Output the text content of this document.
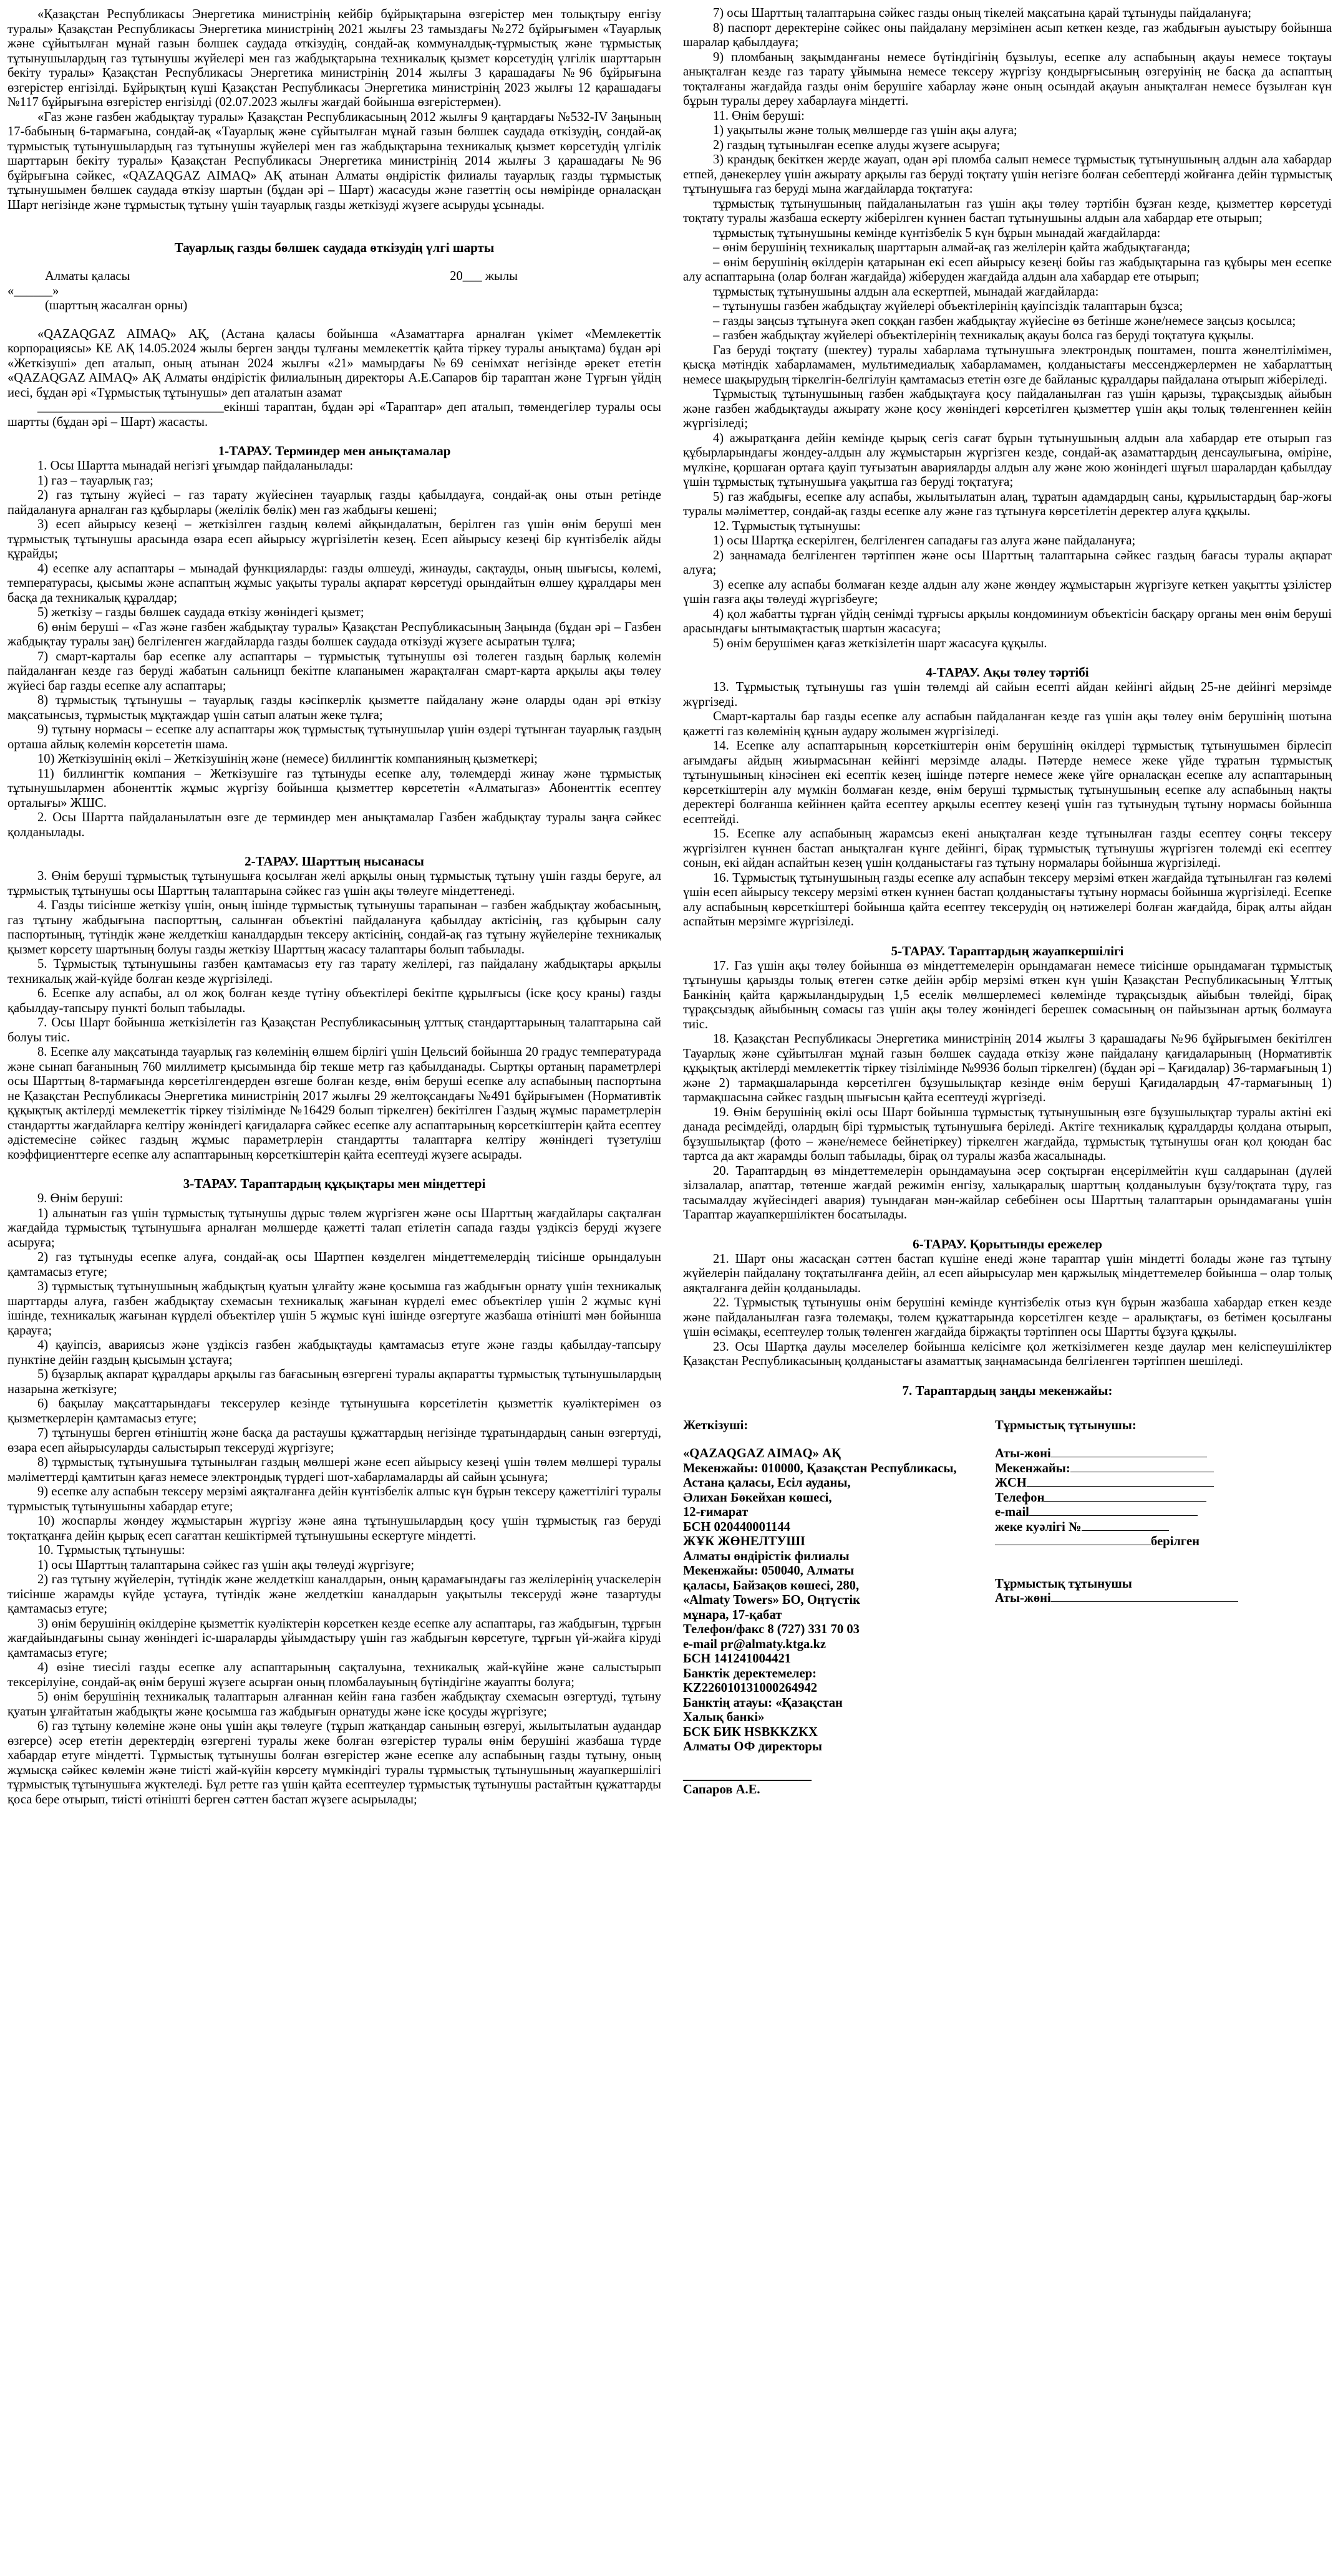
«Қазақстан Республикасы Энергетика министрінің кейбір бұйрықтарына өзгерістер мен толықтыру енгізу туралы» Қазақстан Республикасы Энергетика министрінің 2021 жылғы 23 тамыздағы №272 бұйрығымен «Тауарлық және сұйытылған мұнай газын бөлшек саудада өткізудің, сондай-ақ коммуналдық-тұрмыстық және тұрмыстық тұтынушылардың газ тұтынушы жүйелері мен газ жабдықтарына техникалық қызмет көрсетудің үлгілік шарттарын бекіту туралы» Қазақстан Республикасы Энергетика министрінің 2014 жылғы 3 қарашадағы №96 бұйрығына өзгерістер енгізілді. Бұйрықтың күші Қазақстан Республикасы Энергетика министрінің 2023 жылғы 12 қарашадағы №117 бұйрығына өзгерістер енгізілді (02.07.2023 жылғы жағдай бойынша өзгерістермен).

«Газ және газбен жабдықтау туралы» Қазақстан Республикасының 2012 жылғы 9 қаңтардағы №532-IV Заңының 17-бабының 6-тармағына, сондай-ақ «Тауарлық және сұйытылған мұнай газын бөлшек саудада өткізудің, сондай-ақ тұрмыстық тұтынушылардың газ тұтынушы жүйелері мен газ жабдықтарына техникалық қызмет көрсетудің үлгілік шарттарын бекіту туралы» Қазақстан Республикасы Энергетика министрінің 2014 жылғы 3 қарашадағы №96 бұйрығына сәйкес, «QAZAQGAZ AIMAQ» АҚ атынан Алматы өндірістік филиалы тауарлық газды тұрмыстық тұтынушымен бөлшек саудада өткізу шартын (бұдан әрі – Шарт) жасасуды және газеттің осы нөмірінде орналасқан Шарт негізінде және тұрмыстық тұтыну үшін тауарлық газды жеткізуді жүзеге асыруды ұсынады.

Тауарлық газды бөлшек саудада өткізудің үлгі шарты
Алматы қаласы	20___ жылы

«______»

(шарттың жасалған орны)

«QAZAQGAZ AIMAQ» АҚ, (Астана қаласы бойынша «Азаматтарға арналған үкімет «Мемлекеттік корпорациясы» КЕ АҚ 14.05.2024 жылы берген заңды тұлғаны мемлекеттік қайта тіркеу туралы анықтама) бұдан әрі «Жеткізуші» деп аталып, оның атынан 2024 жылғы «21» мамырдағы №69 сенімхат негізінде әрекет ететін «QAZAQGAZ AIMAQ» АҚ Алматы өндірістік филиалының директоры А.Е.Сапаров бір тараптан және Түрғын үйдің иесі, бұдан әрі «Тұрмыстық тұтынушы» деп аталатын азамат

_____________________________екінші тараптан, бұдан әрі «Тараптар» деп аталып, төмендегілер туралы осы шартты (бұдан әрі – Шарт) жасасты.

1-ТАРАУ. Терминдер мен анықтамалар

1. Осы Шартта мынадай негізгі ұғымдар пайдаланылады:

1) газ – тауарлық газ;

2) газ тұтыну жүйесі – газ тарату жүйесінен тауарлық газды қабылдауға, сондай-ақ оны отын ретінде пайдалануға арналған газ құбырлары (желілік бөлік) мен газ жабдығы кешені;

3) есеп айырысу кезеңі – жеткізілген газдың көлемі айқындалатын, берілген газ үшін өнім беруші мен тұрмыстық тұтынушы арасында өзара есеп айырысу жүргізілетін кезең. Есеп айырысу кезеңі бір күнтізбелік айды құрайды;

4) есепке алу аспаптары – мынадай функцияларды: газды өлшеуді, жинауды, сақтауды, оның шығысы, көлемі, температурасы, қысымы және аспаптың жұмыс уақыты туралы ақпарат көрсетуді орындайтын өлшеу құралдары мен басқа да техникалық құралдар;

5) жеткізу – газды бөлшек саудада өткізу жөніндегі қызмет;

6) өнім беруші – «Газ және газбен жабдықтау туралы» Қазақстан Республикасының Заңында (бұдан әрі – Газбен жабдықтау туралы заң) белгіленген жағдайларда газды бөлшек саудада өткізуді жүзеге асыратын тұлға;

7) смарт-карталы бар есепке алу аспаптары – тұрмыстық тұтынушы өзі төлеген газдың барлық көлемін пайдаланған кезде газ беруді жабатын сальницп бекітпе клапанымен жарақталған смарт-карта арқылы ақы төлеу жүйесі бар газды есепке алу аспаптары;

8) тұрмыстық тұтынушы – тауарлық газды кәсіпкерлік қызметте пайдалану және оларды одан әрі өткізу мақсатынсыз, тұрмыстық мұқтаждар үшін сатып алатын жеке тұлға;

9) тұтыну нормасы – есепке алу аспаптары жоқ тұрмыстық тұтынушылар үшін өздері тұтынған тауарлық газдың орташа айлық көлемін көрсететін шама.

10) Жеткізушінің өкілі – Жеткізушінің және (немесе) биллингтік компанияның қызметкері;

11) биллингтік компания – Жеткізушіге газ тұтынуды есепке алу, төлемдерді жинау және тұрмыстық тұтынушылармен абоненттік жұмыс жүргізу бойынша қызметтер көрсететін «Алматыгаз» Абоненттік есептеу орталығы» ЖШС.

2. Осы Шартта пайдаланылатын өзге де терминдер мен анықтамалар Газбен жабдықтау туралы заңға сәйкес қолданылады.

2-ТАРАУ. Шарттың нысанасы

3. Өнім беруші тұрмыстық тұтынушыға қосылған желі арқылы оның тұрмыстық тұтыну үшін газды беруге, ал тұрмыстық тұтынушы осы Шарттың талаптарына сәйкес газ үшін ақы төлеуге міндеттенеді.

4. Газды тиісінше жеткізу үшін, оның ішінде тұрмыстық тұтынушы тарапынан – газбен жабдықтау жобасының, газ тұтыну жабдығына паспорттың, салынған объектіні пайдалануға қабылдау актісінің, газ құбырын салу паспортының, түтіндік және желдеткіш каналдардын тексеру актісінің, сондай-ақ газ тұтыну жүйелеріне техникалық қызмет көрсету шартының болуы газды жеткізу Шарттың жасасу талаптары болып табылады.

5. Тұрмыстық тұтынушыны газбен қамтамасыз ету газ тарату желілері, газ пайдалану жабдықтары арқылы техникалық жай-күйде болған кезде жүргізіледі.

6. Есепке алу аспабы, ал ол жоқ болған кезде түтіну объектілері бекітпе құрылғысы (іске қосу краны) газды қабылдау-тапсыру пункті болып табылады.

7. Осы Шарт бойынша жеткізілетін газ Қазақстан Республикасының ұлттық стандарттарының талаптарына сай болуы тиіс.

8. Есепке алу мақсатында тауарлық газ көлемінің өлшем бірлігі үшін Цельсий бойынша 20 градус температурада және сынап бағанының 760 миллиметр қысымында бір текше метр газ қабылданады. Сыртқы ортаның параметрлері осы Шарттың 8-тармағында көрсетілгендерден өзгеше болған кезде, өнім беруші есепке алу аспабының паспортына не Қазақстан Республикасы Энергетика министрінің 2017 жылғы 29 желтоқсандағы №491 бұйрығымен (Нормативтік құқықтық актілерді мемлекеттік тіркеу тізілімінде №16429 болып тіркелген) бекітілген Газдың жұмыс параметрлерін стандартты жағдайларға келтіру жөніндегі қағидаларға сәйкес есепке алу аспаптарының көрсеткіштерін қайта есептеу әдістемесіне сәйкес газдың жұмыс параметрлерін стандартты талаптарға келтіру жөніндегі түзетуліш коэффициенттерге есепке алу аспаптарының көрсеткіштерін қайта есептеуді жүзеге асырады.

3-ТАРАУ. Тараптардың құқықтары мен міндеттері

9. Өнім беруші:

1) алынатын газ үшін тұрмыстық тұтынушы дұрыс төлем жүргізген және осы Шарттың жағдайлары сақталған жағдайда тұрмыстық тұтынушыға арналған мөлшерде қажетті талап етілетін сапада газды үздіксіз беруді жүзеге асыруға;

2) газ тұтынуды есепке алуға, сондай-ақ осы Шартпен көзделген міндеттемелердің тиісінше орындалуын қамтамасыз етуге;

3) тұрмыстық тұтынушының жабдықтың қуатын ұлғайту және қосымша газ жабдығын орнату үшін техникалық шарттарды алуға, газбен жабдықтау схемасын техникалық жағынан күрделі емес объектілер үшін 2 жұмыс күні ішінде, техникалық жағынан күрделі объектілер үшін 5 жұмыс күні ішінде өзгертуге жазбаша өтінішті мән бойынша қарауға;

4) қауіпсіз, авариясыз және үздіксіз газбен жабдықтауды қамтамасыз етуге және газды қабылдау-тапсыру пунктіне дейін газдың қысымын ұстауға;

5) бұзарлық акпарат құралдары арқылы газ бағасының өзгергені туралы ақпаратты тұрмыстық тұтынушылардың назарына жеткізуге;

6) бақылау мақсаттарындағы тексерулер кезінде тұтынушыға көрсетілетін қызметтік куәліктерімен өз қызметкерлерін қамтамасыз етуге;

7) тұтынушы берген өтініштің және басқа да растаушы құжаттардың негізінде тұратындардың санын өзгертуді, өзара есеп айырысуларды салыстырып тексеруді жүргізуге;

8) тұрмыстық тұтынушыға тұтынылған газдың мөлшері және есеп айырысу кезеңі үшін төлем мөлшері туралы мәліметтерді қамтитын қағаз немесе электрондық түрдегі шот-хабарламаларды ай сайын ұсынуға;

9) есепке алу аспабын тексеру мерзімі аяқталғанға дейін күнтізбелік алпыс күн бұрын тексеру қажеттілігі туралы тұрмыстық тұтынушыны хабардар етуге;

10) жоспарлы жөндеу жұмыстарын жүргізу және аяна тұтынушылардың қосу үшін тұрмыстық газ беруді тоқтатқанға дейін қырық есеп сағаттан кешіктірмей тұтынушыны ескертуге міндетті.

10. Тұрмыстық тұтынушы:

1) осы Шарттың талаптарына сәйкес газ үшін ақы төлеуді жүргізуге;

2) газ тұтыну жүйелерін, түтіндік және желдеткіш каналдарын, оның қарамағындағы газ желілерінің учаскелерін тиісінше жарамды күйде ұстауға, түтіндік және желдеткіш каналдарын уақытылы тексеруді және тазартуды қамтамасыз етуге;

3) өнім берушінің өкілдеріне қызметтік куәліктерін көрсеткен кезде есепке алу аспаптары, газ жабдығын, тұрғын жағдайындағыны сынау жөніндегі іс-шараларды ұйымдастыру үшін газ жабдығын көрсетуге, тұрғын үй-жайға кіруді қамтамасыз етуге;

4) өзіне тиесілі газды есепке алу аспаптарының сақталуына, техникалық жай-күйіне және салыстырып тексерілуіне, сондай-ақ өнім беруші жүзеге асырған оның пломбалауының бүтіндігіне жауапты болуға;

5) өнім берушінің техникалық талаптарын алғаннан кейін ғана газбен жабдықтау схемасын өзгертуді, тұтыну қуатын ұлғайтатын жабдықты және қосымша газ жабдығын орнатуды және іске қосуды жүргізуге;

6) газ тұтыну көлеміне және оны үшін ақы төлеуге (тұрып жатқандар санының өзгеруі, жылытылатын аудандар өзгерсе) әсер ететін деректердің өзгергені туралы жеке болған өзгерістер туралы өнім берушіні жазбаша түрде хабардар етуге міндетті. Тұрмыстық тұтынушы болған өзгерістер және есепке алу аспабының газды тұтыну, оның жұмысқа сәйкес көлемін және тиісті жай-күйін көрсету мүмкіндігі туралы тұрмыстық тұтынушының жауапкершілігі тұрмыстық тұтынушыға жүктеледі. Бұл ретте газ үшін қайта есептеулер тұрмыстық тұтынушы растайтын құжаттарды қоса бере отырып, тиісті өтінішті берген сәттен бастап жүзеге асырылады;

7) осы Шарттың талаптарына сәйкес газды оның тікелей мақсатына қарай тұтынуды пайдалануға;

8) паспорт деректеріне сәйкес оны пайдалану мерзімінен асып кеткен кезде, газ жабдығын ауыстыру бойынша шаралар қабылдауға;

9) пломбаның зақымданғаны немесе бүтіндігінің бұзылуы, есепке алу аспабының ақауы немесе тоқтауы анықталған кезде газ тарату ұйымына немесе тексеру жүргізу қондырғысының өзгеруінің не басқа да аспаптың тоқталғаны жағдайда газды өнім берушіге хабарлау және оның осындай ақауын анықталған немесе бүзылған күн бұрын туралы дереу хабарлауға міндетті.

11. Өнім беруші:

1) уақытылы және толық мөлшерде газ үшін ақы алуға;

2) газдың тұтынылған есепке алуды жүзеге асыруға;

3) крандық бекіткен жерде жауап, одан әрі пломба салып немесе тұрмыстық тұтынушының алдын ала хабардар етпей, дәнекерлеу үшін ажырату арқылы газ беруді тоқтату үшін негізге болған себептерді жойғанға дейін тұрмыстық тұтынушыға газ беруді мына жағдайларда тоқтатуға:

тұрмыстық тұтынушының пайдаланылатын газ үшін ақы төлеу тәртібін бұзған кезде, қызметтер көрсетуді тоқтату туралы жазбаша ескерту жіберілген күннен бастап тұтынушыны алдын ала хабардар ете отырып;

тұрмыстық тұтынушыны кемінде күнтізбелік 5 күн бұрын мынадай жағдайларда:

– өнім берушінің техникалық шарттарын алмай-ақ газ желілерін қайта жабдықтағанда;

– өнім берушінің өкілдерін қатарынан екі есеп айырысу кезеңі бойы газ жабдықтарына газ құбыры мен есепке алу аспаптарына (олар болған жағдайда) жіберуден жағдайда алдын ала хабардар ете отырып;

тұрмыстық тұтынушыны алдын ала ескертпей, мынадай жағдайларда:

– тұтынушы газбен жабдықтау жүйелері объектілерінің қауіпсіздік талаптарын бұзса;

– газды заңсыз тұтынуға әкеп соққан газбен жабдықтау жүйесіне өз бетінше және/немесе заңсыз қосылса;

– газбен жабдықтау жүйелері объектілерінің техникалық ақауы болса газ беруді тоқтатуға құқылы.

Газ беруді тоқтату (шектеу) туралы хабарлама тұтынушыға электрондық поштамен, пошта жөнелтілімімен, қысқа мәтіндік хабарламамен, мультимедиалық хабарламамен, қолданыстағы мессенджерлермен не хабарлаттың немесе шақырудың тіркелгін-белгілуін қамтамасыз ететін өзге де байланыс құралдары пайдалана отырып жіберіледі.

Тұрмыстық тұтынушының газбен жабдықтауға қосу пайдаланылған газ үшін қарызы, тұрақсыздық айыбын және газбен жабдықтауды ажырату және қосу жөніндегі көрсетілген қызметтер үшін ақы толық төленгеннен кейін жүргізіледі;

4) ажыратқанға дейін кемінде қырық сегіз сағат бұрын тұтынушының алдын ала хабардар ете отырып газ құбырларындағы жөндеу-алдын алу жұмыстарын жүргізген кезде, сондай-ақ азаматтардың денсаулығына, өміріне, мүлкіне, қоршаған ортаға қауіп туғызатын аварияларды алдын алу және жою жөніндегі шұғыл шаралардан қабылдау үшін тұрмыстық тұтынушыға уақытша газ беруді тоқтатуға;

5) газ жабдығы, есепке алу аспабы, жылытылатын алаң, тұратын адамдардың саны, құрылыстардың бар-жоғы туралы мәліметтер, сондай-ақ газды есепке алу және газ тұтынуға көрсетілетін деректер алуға құқылы.

12. Тұрмыстық тұтынушы:

1) осы Шартқа ескерілген, белгіленген сападағы газ алуға және пайдалануға;

2) заңнамада белгіленген тәртіппен және осы Шарттың талаптарына сәйкес газдың бағасы туралы ақпарат алуға;

3) есепке алу аспабы болмаған кезде алдын алу және жөндеу жұмыстарын жүргізуге кеткен уақытты ұзілістер үшін газға ақы төлеуді жүргізбеуге;

4) қол жабатты тұрған үйдің сенімді тұрғысы арқылы кондоминиум объектісін басқару органы мен өнім беруші арасындағы ынтымақтастық шартын жасасуға;

5) өнім берушімен қағаз жеткізілетін шарт жасасуға құқылы.

4-ТАРАУ. Ақы төлеу тәртібі

13. Тұрмыстық тұтынушы газ үшін төлемді ай сайын есепті айдан кейінгі айдың 25-не дейінгі мерзімде жүргізеді.

Смарт-карталы бар газды есепке алу аспабын пайдаланған кезде газ үшін ақы төлеу өнім берушінің шотына қажетті газ көлемінің құнын аудару жолымен жүргізіледі.

14. Есепке алу аспаптарының көрсеткіштерін өнім берушінің өкілдері тұрмыстық тұтынушымен бірлесіп ағымдағы айдың жиырмасынан кейінгі мерзімде алады. Пәтерде немесе жеке үйде тұратын тұрмыстық тұтынушының кінәсінен екі есептік кезең ішінде пәтерге немесе жеке үйге орналасқан есепке алу аспаптарының көрсеткіштерін алу мүмкін болмаған кезде, өнім беруші тұрмыстық тұтынушының есепке алу аспабының нақты деректері болғанша кейіннен қайта есептеу арқылы есептеу кезеңі үшін газ тұтынудың тұтыну нормасы бойынша есептейді.

15. Есепке алу аспабының жарамсыз екені анықталған кезде тұтынылған газды есептеу соңғы тексеру жүргізілген күннен бастап анықталған күнге дейінгі, бірақ тұрмыстық тұтынушы жүргізген төлемді екі есептеу сонын, екі айдан аспайтын кезең үшін қолданыстағы газ тұтыну нормалары бойынша жүргізіледі.

16. Тұрмыстық тұтынушының газды есепке алу аспабын тексеру мерзімі өткен жағдайда тұтынылған газ көлемі үшін есеп айырысу тексеру мерзімі өткен күннен бастап қолданыстағы тұтыну нормасы бойынша жүргізіледі. Есепке алу аспабының көрсеткіштері бойынша қайта есептеу тексерудің оң нәтижелері болған жағдайда, бірақ алты айдан аспайтын мерзімге жүргізіледі.

5-ТАРАУ. Тараптардың жауапкершілігі

17. Газ үшін ақы төлеу бойынша өз міндеттемелерін орындамаған немесе тиісінше орындамаған тұрмыстық тұтынушы қарызды толық өтеген сәтке дейін әрбір мерзімі өткен күн үшін Қазақстан Республикасының Ұлттық Банкінің қайта қаржыландырудың 1,5 еселік мөлшерлемесі көлемінде тұрақсыздық айыбын төлейді, бірақ тұрақсыздық айыбының сомасы газ үшін ақы төлеу жөніндегі берешек сомасының он пайызынан артық болмауға тиіс.

18. Қазақстан Республикасы Энергетика министрінің 2014 жылғы 3 қарашадағы №96 бұйрығымен бекітілген Тауарлық және сұйытылған мұнай газын бөлшек саудада өткізу және пайдалану қағидаларының (Нормативтік құқықтық актілерді мемлекеттік тіркеу тізілімінде №9936 болып тіркелген) (бұдан әрі – Қағидалар) 36-тармағының 1) және 2) тармақшаларында көрсетілген бұзушылықтар кезінде өнім беруші Қағидалардың 47-тармағының 1) тармақшасына сәйкес газдың шығысын қайта есептеуді жүргізеді.

19. Өнім берушінің өкілі осы Шарт бойынша тұрмыстық тұтынушының өзге бұзушылықтар туралы актіні екі данада ресімдейді, олардың бірі тұрмыстық тұтынушыға беріледі. Актіге техникалық құралдарды қолдана отырып, бұзушылықтар (фото – және/немесе бейнетіркеу) тіркелген жағдайда, тұрмыстық тұтынушы оған қол қоюдан бас тартса да акт жарамды болып табылады, бірақ ол туралы жазба жасалынады.

20. Тараптардың өз міндеттемелерін орындамауына әсер соқтырған еңсерілмейтін күш салдарынан (дүлей зілзалалар, апаттар, төтенше жағдай режимін енгізу, халықаралық шарттың қолданылуын бұзу/тоқтата тұру, газ тасымалдау жүйесіндегі авария) туындаған мән-жайлар себебінен осы Шарттың талаптарын орындамағаны үшін Тараптар жауапкершіліктен босатылады.

6-ТАРАУ. Қорытынды ережелер

21. Шарт оны жасасқан сәттен бастап күшіне енеді және тараптар үшін міндетті болады және газ тұтыну жүйелерін пайдалану тоқтатылғанға дейін, ал есеп айырысулар мен қаржылық міндеттемелер бойынша – олар толық аяқталғанға дейін қолданылады.

22. Тұрмыстық тұтынушы өнім берушіні кемінде күнтізбелік отыз күн бұрын жазбаша хабардар еткен кезде және пайдаланылған газға төлемақы, төлем құжаттарында көрсетілген кезде – аралықтағы, өз бетімен қосылғаны үшін өсімақы, есептеулер толық төленген жағдайда біржақты тәртіппен осы Шартты бұзуға құқылы.

23. Осы Шартқа даулы мәселелер бойынша келісімге қол жеткізілмеген кезде даулар мен келіспеушіліктер Қазақстан Республикасының қолданыстағы азаматтық заңнамасында белгіленген тәртіппен шешіледі.

7. Тараптардың заңды мекенжайы:

Жеткізуші:

«QAZAQGAZ AIMAQ» АҚ

Мекенжайы: 010000, Қазақстан Республикасы,

Астана қаласы, Есіл ауданы,

Әлихан Бөкейхан көшесі,

12-ғимарат

БСН 020440001144

ЖҰК ЖӨНЕЛТУШІ

Алматы өндірістік филиалы

Мекенжайы: 050040, Алматы

қаласы, Байзақов көшесі, 280,

«Almaty Towers» БО, Оңтүстік

мұнара, 17-қабат

Телефон/факс 8 (727) 331 70 03

e-mail pr@almaty.ktga.kz

БСН 141241004421

Банктік деректемелер:

KZ226010131000264942

Банктің атауы: «Қазақстан

Халық банкі»

БСК БИК HSBKKZKX

Алматы ОФ директоры

____________________

Сапаров А.Е.

Тұрмыстық тұтынушы:

Аты-жөні

Мекенжайы:

ЖСН

Телефон

e-mail

жеке куәлігі №

берілген

Тұрмыстық тұтынушы

Аты-жөні
